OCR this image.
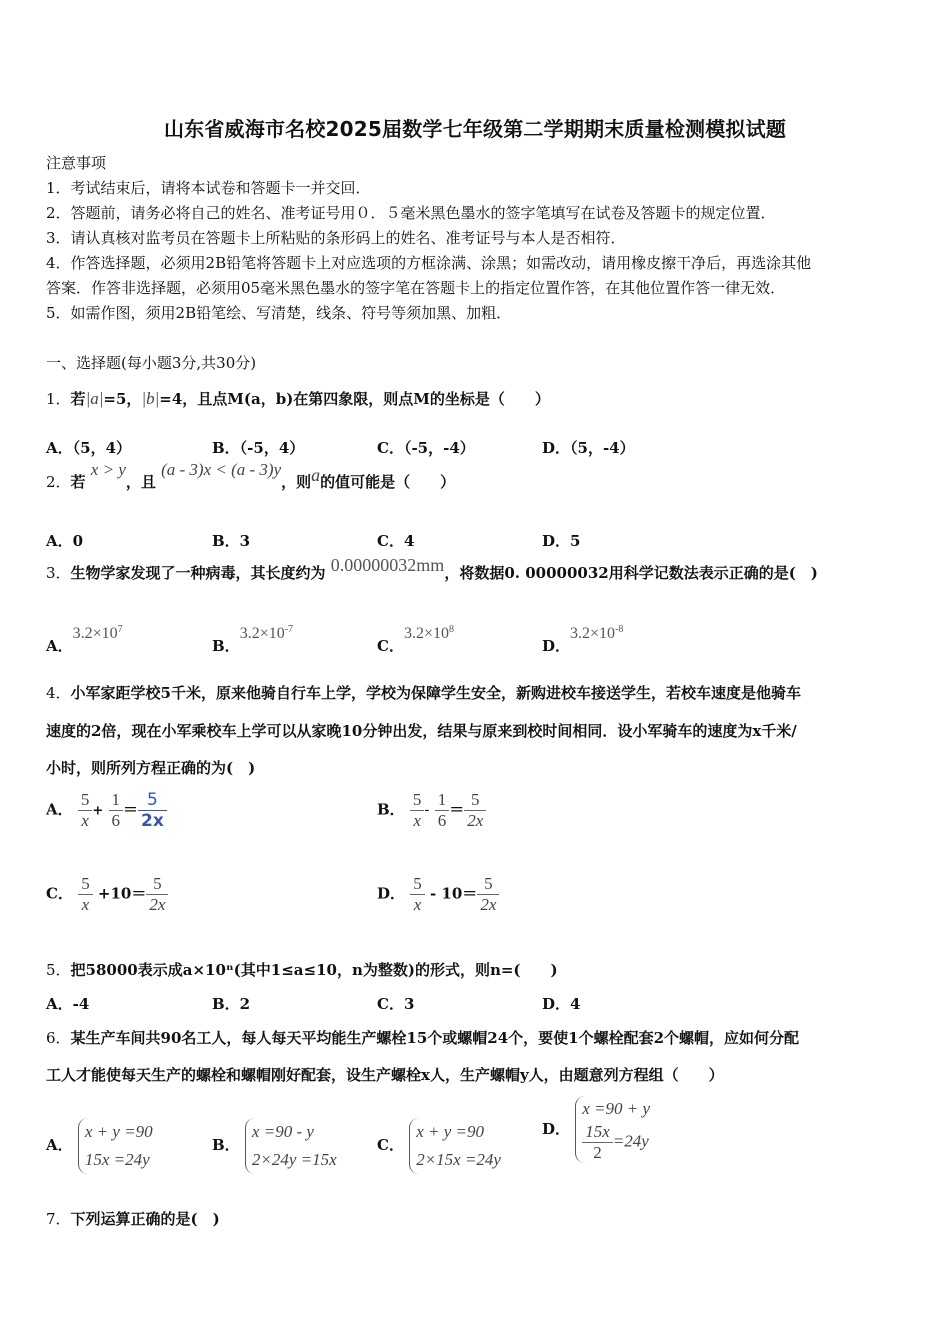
山东省威海市名校2025届数学七年级第二学期期末质量检测模拟试题
注意事项
1．考试结束后，请将本试卷和答题卡一并交回．
2．答题前，请务必将自己的姓名、准考证号用０．５毫米黑色墨水的签字笔填写在试卷及答题卡的规定位置．
3．请认真核对监考员在答题卡上所粘贴的条形码上的姓名、准考证号与本人是否相符．
4．作答选择题，必须用2B铅笔将答题卡上对应选项的方框涂满、涂黑；如需改动，请用橡皮擦干净后，再选涂其他
答案．作答非选择题，必须用05毫米黑色墨水的签字笔在答题卡上的指定位置作答，在其他位置作答一律无效．
5．如需作图，须用2B铅笔绘、写清楚，线条、符号等须加黑、加粗．
一、选择题(每小题3分,共30分)
1．若|a|=5，|b|=4，且点M(a，b)在第四象限，则点M的坐标是（　　）
A．（5，4）	B．（-5，4）	C．（-5，-4）	D．（5，-4）
2．若 x > y，且 (a - 3)x < (a - 3)y，则a的值可能是（　　）
A．0	B．3	C．4	D．5
3．生物学家发现了一种病毒，其长度约为 0.00000032mm，将数据0. 00000032用科学记数法表示正确的是(　)
A．$3.2\times 10^7$
B．$3.2\times 10^{-7}$
C．$3.2\times 10^8$
D．$3.2\times 10^{-8}$
4．小军家距学校5千米，原来他骑自行车上学，学校为保障学生安全，新购进校车接送学生，若校车速度是他骑车
速度的2倍，现在小军乘校车上学可以从家晚10分钟出发，结果与原来到校时间相同．设小军骑车的速度为x千米/
小时，则所列方程正确的为(　)
A． $\frac{5}{x} + \frac{1}{6} = \frac{5}{2x}$	B． $\frac{5}{x} - \frac{1}{6} = \frac{5}{2x}$
C． $\frac{5}{x} +10= \frac{5}{2x}$	D． $\frac{5}{x} - 10= \frac{5}{2x}$
5．把58000表示成a×10ⁿ(其中1≤a≤10，n为整数)的形式，则n=(　　)
A．-4	B．2	C．3	D．4
6．某生产车间共90名工人，每人每天平均能生产螺栓15个或螺帽24个，要使1个螺栓配套2个螺帽，应如何分配
工人才能使每天生产的螺栓和螺帽刚好配套，设生产螺栓x人，生产螺帽y人，由题意列方程组（　　）
A． x + y =90
15x =24y
B． x =90 - y
2×24y =15x
C． x + y =90
2×15x =24y
D． x =90 + y

$\frac{15x}{2} =24y$
7．下列运算正确的是(　)
